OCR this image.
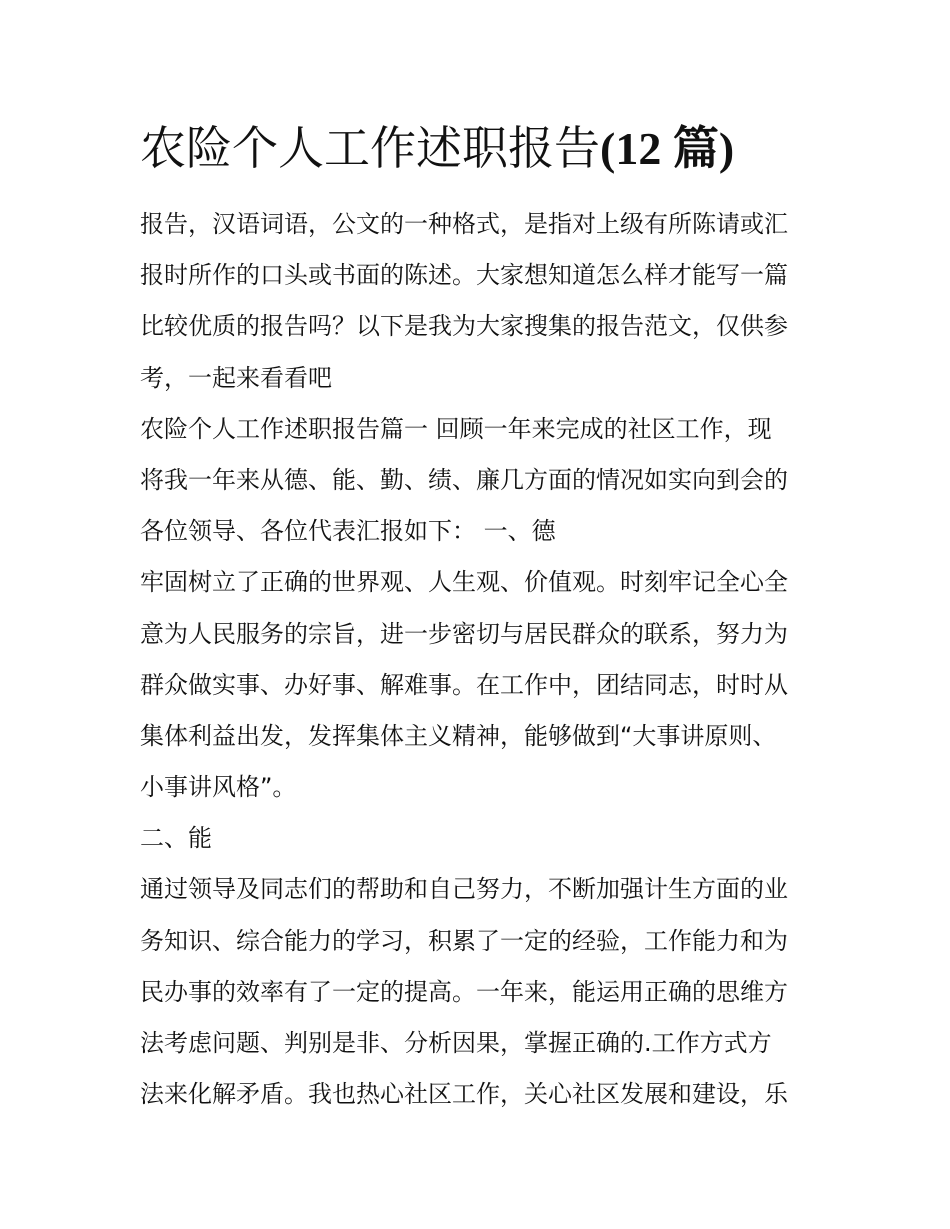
农险个人工作述职报告(12 篇)
报告，汉语词语，公文的一种格式，是指对上级有所陈请或汇
报时所作的口头或书面的陈述。大家想知道怎么样才能写一篇
比较优质的报告吗？以下是我为大家搜集的报告范文，仅供参
考，一起来看看吧
农险个人工作述职报告篇一 回顾一年来完成的社区工作，现
将我一年来从德、能、勤、绩、廉几方面的情况如实向到会的
各位领导、各位代表汇报如下： 一、德
牢固树立了正确的世界观、人生观、价值观。时刻牢记全心全
意为人民服务的宗旨，进一步密切与居民群众的联系，努力为
群众做实事、办好事、解难事。在工作中，团结同志，时时从
集体利益出发，发挥集体主义精神，能够做到“大事讲原则、
小事讲风格”。
二、能
通过领导及同志们的帮助和自己努力，不断加强计生方面的业
务知识、综合能力的学习，积累了一定的经验，工作能力和为
民办事的效率有了一定的提高。一年来，能运用正确的思维方
法考虑问题、判别是非、分析因果，掌握正确的.工作方式方
法来化解矛盾。我也热心社区工作，关心社区发展和建设，乐
